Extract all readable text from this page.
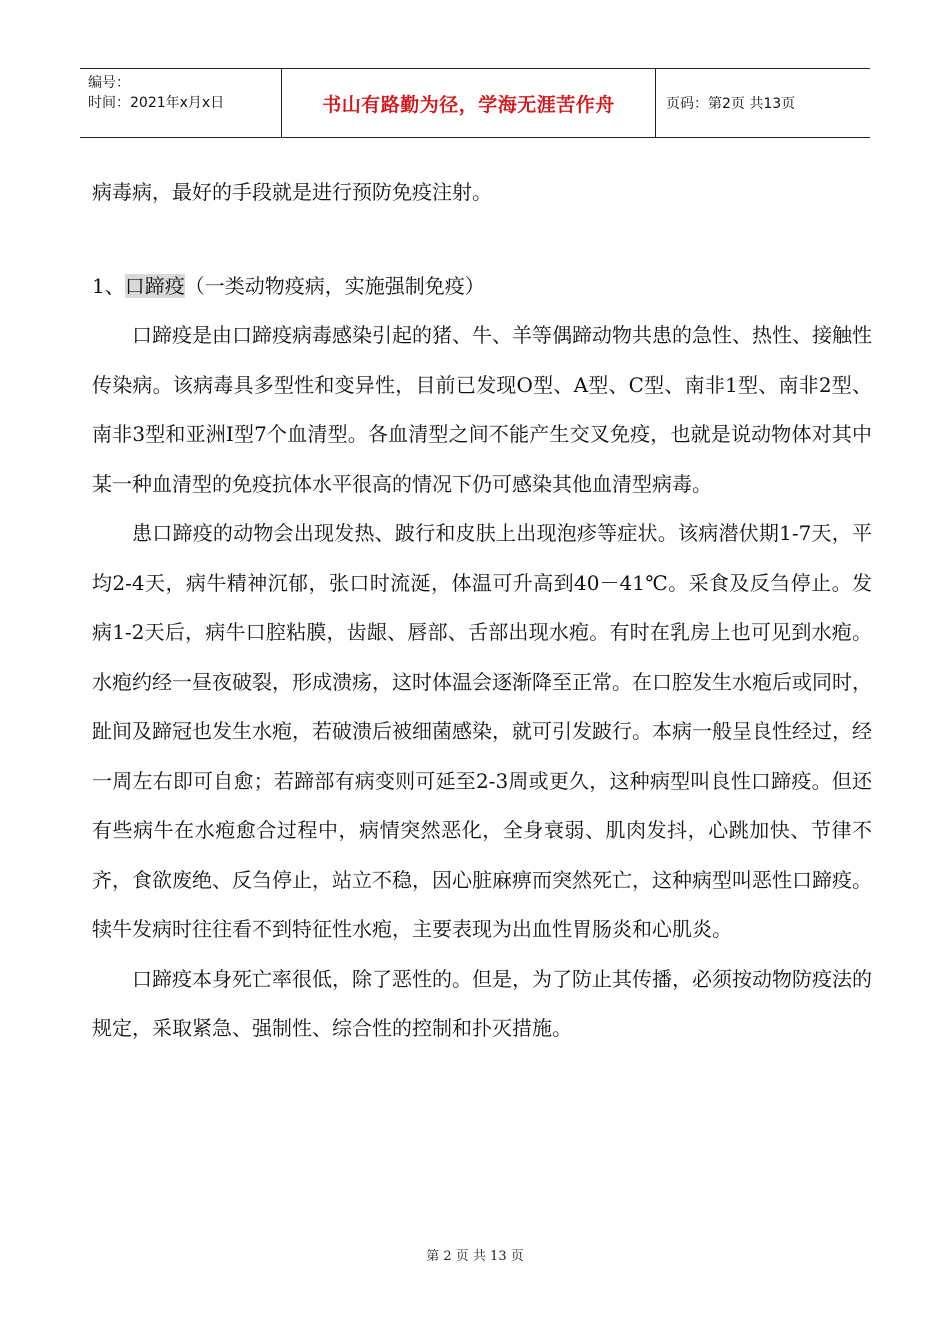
编号：
时间：2021年x月x日	书山有路勤为径，学海无涯苦作舟	页码：第2页 共13页

病毒病，最好的手段就是进行预防免疫注射。

1、口蹄疫（一类动物疫病，实施强制免疫）

口蹄疫是由口蹄疫病毒感染引起的猪、牛、羊等偶蹄动物共患的急性、热性、接触性传染病。该病毒具多型性和变异性，目前已发现O型、A型、C型、南非1型、南非2型、南非3型和亚洲I型7个血清型。各血清型之间不能产生交叉免疫，也就是说动物体对其中某一种血清型的免疫抗体水平很高的情况下仍可感染其他血清型病毒。

患口蹄疫的动物会出现发热、跛行和皮肤上出现泡疹等症状。该病潜伏期1-7天，平均2-4天，病牛精神沉郁，张口时流涎，体温可升高到40－41℃。采食及反刍停止。发病1-2天后，病牛口腔粘膜，齿龈、唇部、舌部出现水疱。有时在乳房上也可见到水疱。水疱约经一昼夜破裂，形成溃疡，这时体温会逐渐降至正常。在口腔发生水疱后或同时，趾间及蹄冠也发生水疱，若破溃后被细菌感染，就可引发跛行。本病一般呈良性经过，经一周左右即可自愈；若蹄部有病变则可延至2-3周或更久，这种病型叫良性口蹄疫。但还有些病牛在水疱愈合过程中，病情突然恶化，全身衰弱、肌肉发抖，心跳加快、节律不齐，食欲废绝、反刍停止，站立不稳，因心脏麻痹而突然死亡，这种病型叫恶性口蹄疫。犊牛发病时往往看不到特征性水疱，主要表现为出血性胃肠炎和心肌炎。

口蹄疫本身死亡率很低，除了恶性的。但是，为了防止其传播，必须按动物防疫法的规定，采取紧急、强制性、综合性的控制和扑灭措施。

第 2 页 共 13 页
